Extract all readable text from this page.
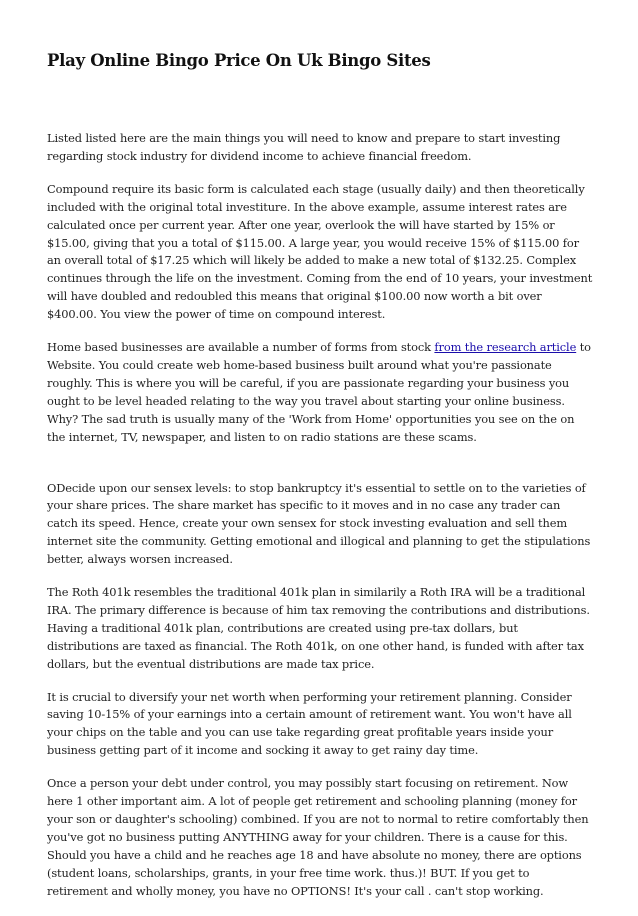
Play Online Bingo Price On Uk Bingo Sites

Listed listed here are the main things you will need to know and prepare to start investing regarding stock industry for dividend income to achieve financial freedom.

Compound require its basic form is calculated each stage (usually daily) and then theoretically included with the original total investiture. In the above example, assume interest rates are calculated once per current year. After one year, overlook the will have started by 15% or $15.00, giving that you a total of $115.00. A large year, you would receive 15% of $115.00 for an overall total of $17.25 which will likely be added to make a new total of $132.25. Complex continues through the life on the investment. Coming from the end of 10 years, your investment will have doubled and redoubled this means that original $100.00 now worth a bit over $400.00. You view the power of time on compound interest.

Home based businesses are available a number of forms from stock from the research article to Website. You could create web home-based business built around what you're passionate roughly. This is where you will be careful, if you are passionate regarding your business you ought to be level headed relating to the way you travel about starting your online business. Why? The sad truth is usually many of the 'Work from Home' opportunities you see on the on the internet, TV, newspaper, and listen to on radio stations are these scams.

ODecide upon our sensex levels: to stop bankruptcy it's essential to settle on to the varieties of your share prices. The share market has specific to it moves and in no case any trader can catch its speed. Hence, create your own sensex for stock investing evaluation and sell them internet site the community. Getting emotional and illogical and planning to get the stipulations better, always worsen increased.

The Roth 401k resembles the traditional 401k plan in similarily a Roth IRA will be a traditional IRA. The primary difference is because of him tax removing the contributions and distributions. Having a traditional 401k plan, contributions are created using pre-tax dollars, but distributions are taxed as financial. The Roth 401k, on one other hand, is funded with after tax dollars, but the eventual distributions are made tax price.

It is crucial to diversify your net worth when performing your retirement planning. Consider saving 10-15% of your earnings into a certain amount of retirement want. You won't have all your chips on the table and you can use take regarding great profitable years inside your business getting part of it income and socking it away to get rainy day time.

Once a person your debt under control, you may possibly start focusing on retirement. Now here 1 other important aim. A lot of people get retirement and schooling planning (money for your son or daughter's schooling) combined. If you are not to normal to retire comfortably then you've got no business putting ANYTHING away for your children. There is a cause for this. Should you have a child and he reaches age 18 and have absolute no money, there are options (student loans, scholarships, grants, in your free time work. thus.)! BUT. If you get to retirement and wholly money, you have no OPTIONS! It's your call . can't stop working.
